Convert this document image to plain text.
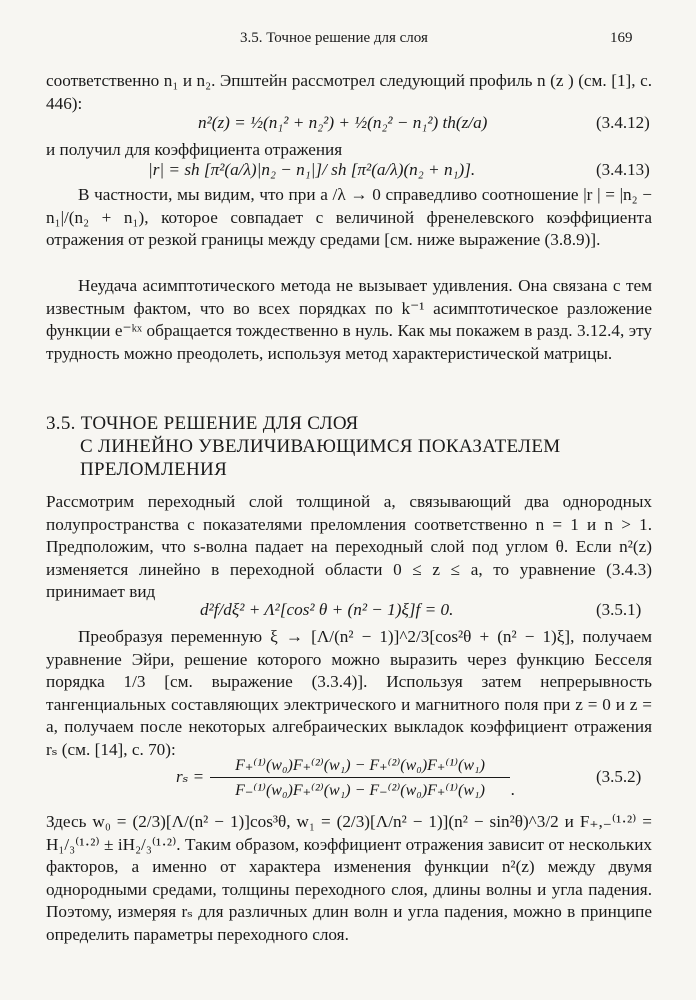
3.5. Точное решение для слоя	169

соответственно n₁ и n₂. Эпштейн рассмотрел следующий профиль n (z ) (см. [1], с. 446):

n²(z) = ½(n₁² + n₂²) + ½(n₂² − n₁²) th(z/a)	(3.4.12)

и получил для коэффициента отражения

|r| = sh [π²(a/λ)|n₂ − n₁|]/ sh [π²(a/λ)(n₂ + n₁)].	(3.4.13)

В частности, мы видим, что при a /λ → 0 справедливо соотношение |r | = |n₂ − n₁|/(n₂ + n₁), которое совпадает с величиной френелевского коэффициента отражения от резкой границы между средами [см. ниже выражение (3.8.9)].

Неудача асимптотического метода не вызывает удивления. Она связана с тем известным фактом, что во всех порядках по k⁻¹ асимптотическое разложение функции e⁻ᵏˣ обращается тождественно в нуль. Как мы покажем в разд. 3.12.4, эту трудность можно преодолеть, используя метод характеристической матрицы.

3.5. ТОЧНОЕ РЕШЕНИЕ ДЛЯ СЛОЯ
С ЛИНЕЙНО УВЕЛИЧИВАЮЩИМСЯ ПОКАЗАТЕЛЕМ
ПРЕЛОМЛЕНИЯ

Рассмотрим переходный слой толщиной a, связывающий два однородных полупространства с показателями преломления соответственно n = 1 и n > 1. Предположим, что s-волна падает на переходный слой под углом θ. Если n²(z) изменяется линейно в переходной области 0 ≤ z ≤ a, то уравнение (3.4.3) принимает вид

d²f/dξ² + Λ²[cos² θ + (n² − 1)ξ]f = 0.	(3.5.1)

Преобразуя переменную ξ → [Λ/(n² − 1)]^2/3[cos²θ + (n² − 1)ξ], получаем уравнение Эйри, решение которого можно выразить через функцию Бесселя порядка 1/3 [см. выражение (3.3.4)]. Используя затем непрерывность тангенциальных составляющих электрического и магнитного поля при z = 0 и z = a, получаем после некоторых алгебраических выкладок коэффициент отражения rₛ (см. [14], с. 70):

rₛ =
F₊⁽¹⁾(w₀)F₊⁽²⁾(w₁) − F₊⁽²⁾(w₀)F₊⁽¹⁾(w₁)
F₋⁽¹⁾(w₀)F₊⁽²⁾(w₁) − F₋⁽²⁾(w₀)F₊⁽¹⁾(w₁)	.
(3.5.2)

Здесь w₀ = (2/3)[Λ/(n² − 1)]cos³θ, w₁ = (2/3)[Λ/n² − 1)](n² − sin²θ)^3/2 и F₊,₋⁽¹·²⁾ = H₁/₃⁽¹·²⁾ ± iH₂/₃⁽¹·²⁾. Таким образом, коэффициент отражения зависит от нескольких факторов, а именно от характера изменения функции n²(z) между двумя однородными средами, толщины переходного слоя, длины волны и угла падения. Поэтому, измеряя rₛ для различных длин волн и угла падения, можно в принципе определить параметры переходного слоя.
